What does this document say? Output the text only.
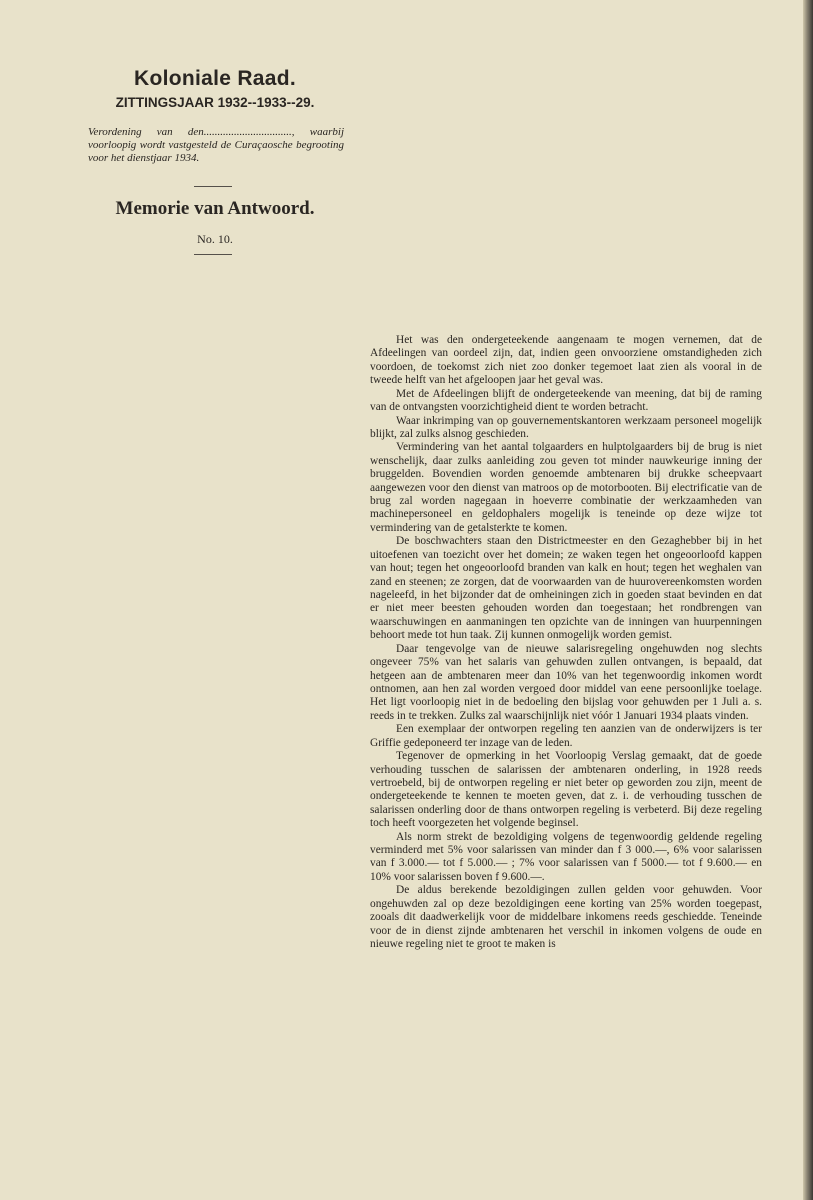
Koloniale Raad.
ZITTINGSJAAR 1932--1933--29.
Verordening van den................................, waarbij voorloopig wordt vastgesteld de Curaçaosche begrooting voor het dienstjaar 1934.
Memorie van Antwoord.
No. 10.

Het was den ondergeteekende aangenaam te mogen vernemen, dat de Afdeelingen van oordeel zijn, dat, indien geen onvoorziene omstandigheden zich voordoen, de toekomst zich niet zoo donker tegemoet laat zien als vooral in de tweede helft van het afgeloopen jaar het geval was.

Met de Afdeelingen blijft de ondergeteekende van meening, dat bij de raming van de ontvangsten voorzichtigheid dient te worden betracht.

Waar inkrimping van op gouvernementskantoren werkzaam personeel mogelijk blijkt, zal zulks alsnog geschieden.

Vermindering van het aantal tolgaarders en hulptolgaarders bij de brug is niet wenschelijk, daar zulks aanleiding zou geven tot minder nauwkeurige inning der bruggelden. Bovendien worden genoemde ambtenaren bij drukke scheepvaart aangewezen voor den dienst van matroos op de motorbooten. Bij electrificatie van de brug zal worden nagegaan in hoeverre combinatie der werkzaamheden van machinepersoneel en geldophalers mogelijk is teneinde op deze wijze tot vermindering van de getalsterkte te komen.

De boschwachters staan den Districtmeester en den Gezaghebber bij in het uitoefenen van toezicht over het domein; ze waken tegen het ongeoorloofd kappen van hout; tegen het ongeoorloofd branden van kalk en hout; tegen het weghalen van zand en steenen; ze zorgen, dat de voorwaarden van de huurovereenkomsten worden nageleefd, in het bijzonder dat de omheiningen zich in goeden staat bevinden en dat er niet meer beesten gehouden worden dan toegestaan; het rondbrengen van waarschuwingen en aanmaningen ten opzichte van de inningen van huurpenningen behoort mede tot hun taak. Zij kunnen onmogelijk worden gemist.

Daar tengevolge van de nieuwe salarisregeling ongehuwden nog slechts ongeveer 75% van het salaris van gehuwden zullen ontvangen, is bepaald, dat hetgeen aan de ambtenaren meer dan 10% van het tegenwoordig inkomen wordt ontnomen, aan hen zal worden vergoed door middel van eene persoonlijke toelage. Het ligt voorloopig niet in de bedoeling den bijslag voor gehuwden per 1 Juli a. s. reeds in te trekken. Zulks zal waarschijnlijk niet vóór 1 Januari 1934 plaats vinden.

Een exemplaar der ontworpen regeling ten aanzien van de onderwijzers is ter Griffie gedeponeerd ter inzage van de leden.

Tegenover de opmerking in het Voorloopig Verslag gemaakt, dat de goede verhouding tusschen de salarissen der ambtenaren onderling, in 1928 reeds vertroebeld, bij de ontworpen regeling er niet beter op geworden zou zijn, meent de ondergeteekende te kennen te moeten geven, dat z. i. de verhouding tusschen de salarissen onderling door de thans ontworpen regeling is verbeterd. Bij deze regeling toch heeft voorgezeten het volgende beginsel.

Als norm strekt de bezoldiging volgens de tegenwoordig geldende regeling verminderd met 5% voor salarissen van minder dan f 3 000.—, 6% voor salarissen van f 3.000.— tot f 5.000.— ; 7% voor salarissen van f 5000.— tot f 9.600.— en 10% voor salarissen boven f 9.600.—.

De aldus berekende bezoldigingen zullen gelden voor gehuwden. Voor ongehuwden zal op deze bezoldigingen eene korting van 25% worden toegepast, zooals dit daadwerkelijk voor de middelbare inkomens reeds geschiedde. Teneinde voor de in dienst zijnde ambtenaren het verschil in inkomen volgens de oude en nieuwe regeling niet te groot te maken is
